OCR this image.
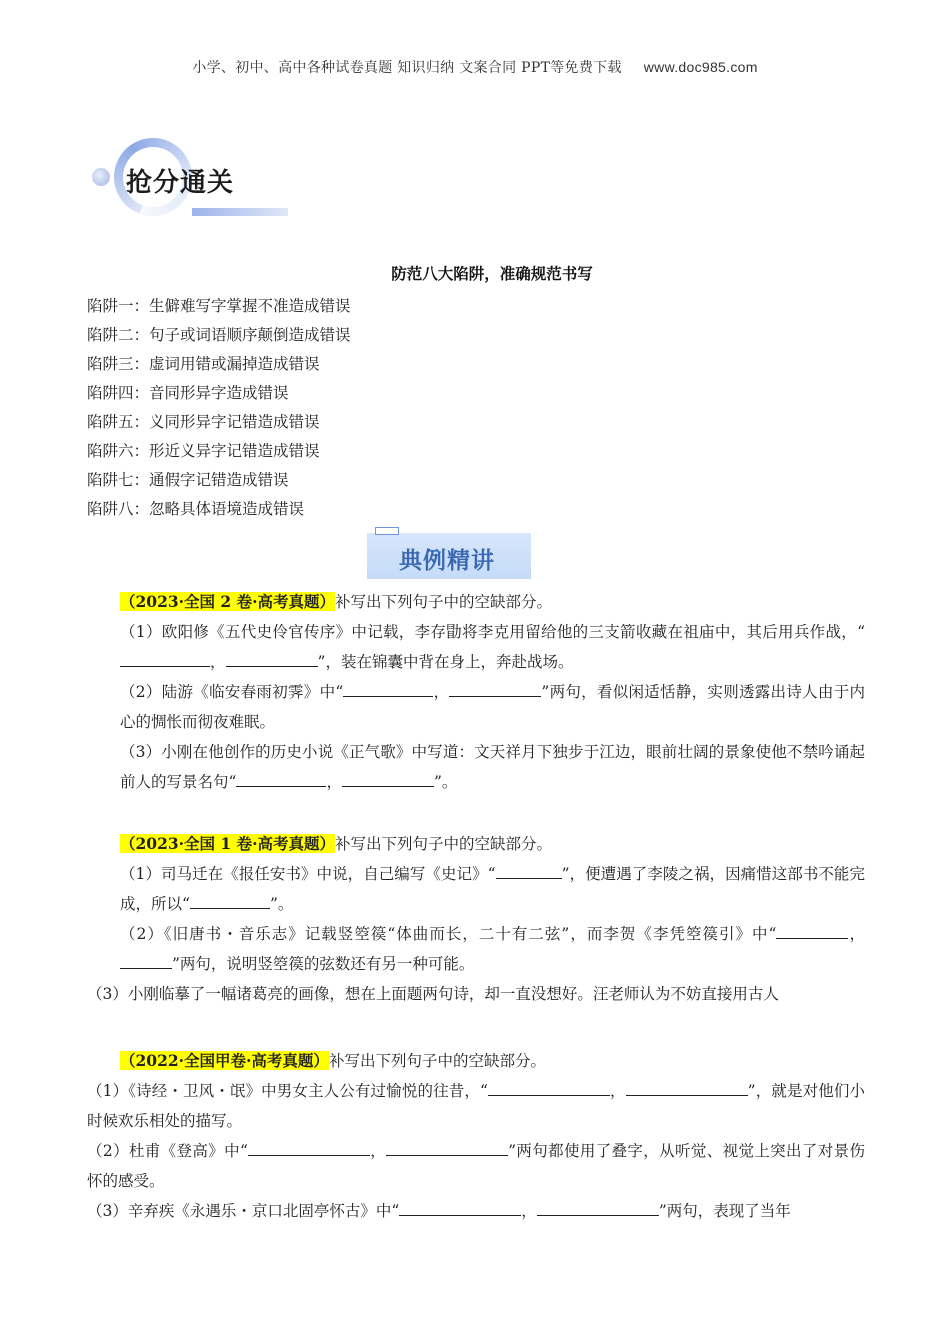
小学、初中、高中各种试卷真题 知识归纳 文案合同 PPT等免费下载 www.doc985.com
抢分通关
防范八大陷阱，准确规范书写
陷阱一：生僻难写字掌握不准造成错误
陷阱二：句子或词语顺序颠倒造成错误
陷阱三：虚词用错或漏掉造成错误
陷阱四：音同形异字造成错误
陷阱五：义同形异字记错造成错误
陷阱六：形近义异字记错造成错误
陷阱七：通假字记错造成错误
陷阱八：忽略具体语境造成错误
典例精讲

（2023·全国 2 卷·高考真题）补写出下列句子中的空缺部分。

（1）欧阳修《五代史伶官传序》中记载，李存勖将李克用留给他的三支箭收藏在祖庙中，其后用兵作战，“，	”，装在锦囊中背在身上，奔赴战场。

（2）陆游《临安春雨初霁》中“	，	”两句，看似闲适恬静，实则透露出诗人由于内心的惆怅而彻夜难眠。

（3）小刚在他创作的历史小说《正气歌》中写道：文天祥月下独步于江边，眼前壮阔的景象使他不禁吟诵起前人的写景名句“	，	”。

（2023·全国 1 卷·高考真题）补写出下列句子中的空缺部分。

（1）司马迁在《报任安书》中说，自己编写《史记》“	”，便遭遇了李陵之祸，因痛惜这部书不能完成，所以“	”。

（2）《旧唐书・音乐志》记载竖箜篌“体曲而长，二十有二弦”，而李贺《李凭箜篌引》中“	，”两句，说明竖箜篌的弦数还有另一种可能。

（3）小刚临摹了一幅诸葛亮的画像，想在上面题两句诗，却一直没想好。汪老师认为不妨直接用古人

（2022·全国甲卷·高考真题）补写出下列句子中的空缺部分。

（1）《诗经・卫风・氓》中男女主人公有过愉悦的往昔，“	，	”，就是对他们小时候欢乐相处的描写。

（2）杜甫《登高》中“	，	”两句都使用了叠字，从听觉、视觉上突出了对景伤怀的感受。

（3）辛弃疾《永遇乐・京口北固亭怀古》中“	，	”两句，表现了当年
